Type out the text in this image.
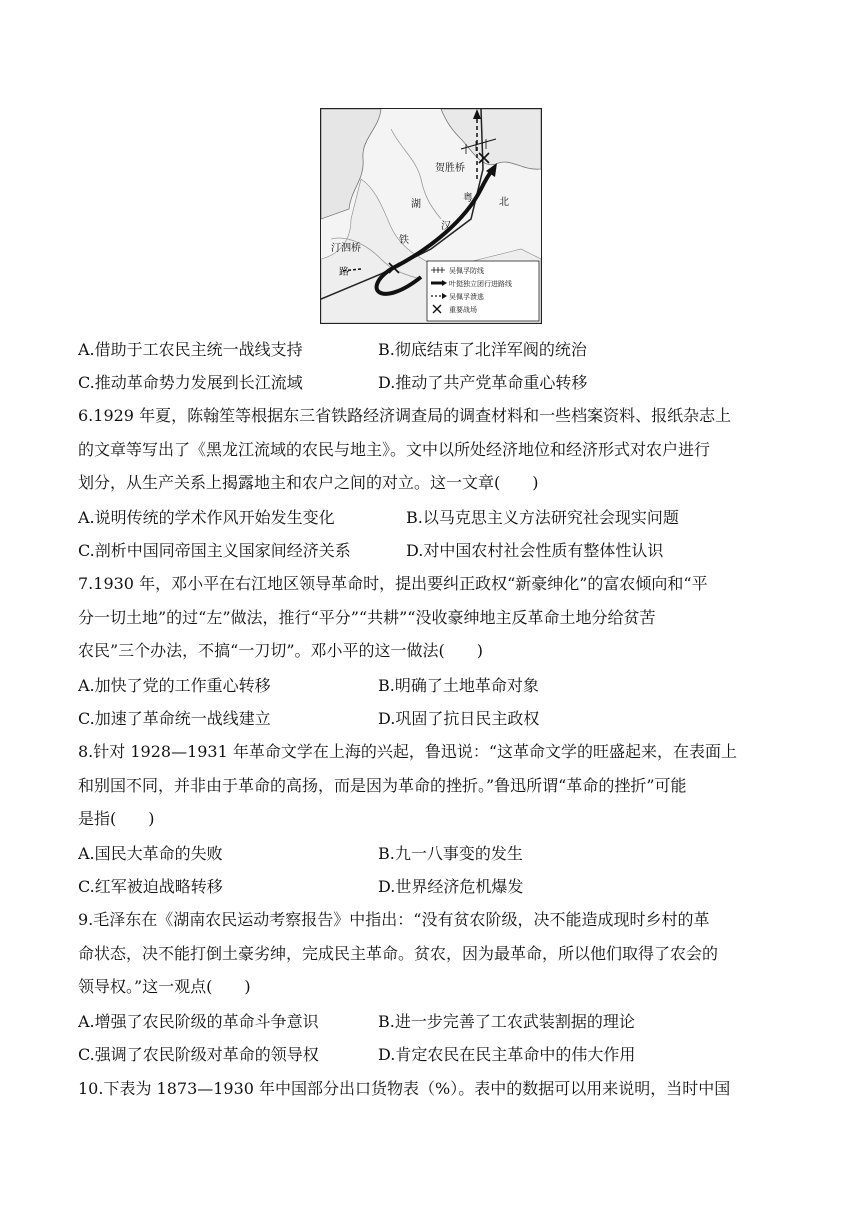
贺胜桥
湖
粤	北
汀泗桥
汉
铁
路	吴佩孚防线
叶挺独立团行进路线
吴佩孚溃逃
重要战场
A.借助于工农民主统一战线支持	B.彻底结束了北洋军阀的统治
C.推动革命势力发展到长江流域	D.推动了共产党革命重心转移
6.1929 年夏，陈翰笙等根据东三省铁路经济调查局的调查材料和一些档案资料、报纸杂志上
的文章等写出了《黑龙江流域的农民与地主》。文中以所处经济地位和经济形式对农户进行
划分，从生产关系上揭露地主和农户之间的对立。这一文章(　　)
A.说明传统的学术作风开始发生变化	B.以马克思主义方法研究社会现实问题
C.剖析中国同帝国主义国家间经济关系	D.对中国农村社会性质有整体性认识
7.1930 年，邓小平在右江地区领导革命时，提出要纠正政权“新豪绅化”的富农倾向和“平
分一切土地”的过“左”做法，推行“平分”“共耕”“没收豪绅地主反革命土地分给贫苦
农民”三个办法，不搞“一刀切”。邓小平的这一做法(　　)
A.加快了党的工作重心转移	B.明确了土地革命对象
C.加速了革命统一战线建立	D.巩固了抗日民主政权
8.针对 1928—1931 年革命文学在上海的兴起，鲁迅说：“这革命文学的旺盛起来，在表面上
和别国不同，并非由于革命的高扬，而是因为革命的挫折。”鲁迅所谓“革命的挫折”可能
是指(　　)
A.国民大革命的失败	B.九一八事变的发生
C.红军被迫战略转移	D.世界经济危机爆发
9.毛泽东在《湖南农民运动考察报告》中指出：“没有贫农阶级，决不能造成现时乡村的革
命状态，决不能打倒土豪劣绅，完成民主革命。贫农，因为最革命，所以他们取得了农会的
领导权。”这一观点(　　)
A.增强了农民阶级的革命斗争意识	B.进一步完善了工农武装割据的理论
C.强调了农民阶级对革命的领导权	D.肯定农民在民主革命中的伟大作用
10.下表为 1873—1930 年中国部分出口货物表（%）。表中的数据可以用来说明，当时中国
